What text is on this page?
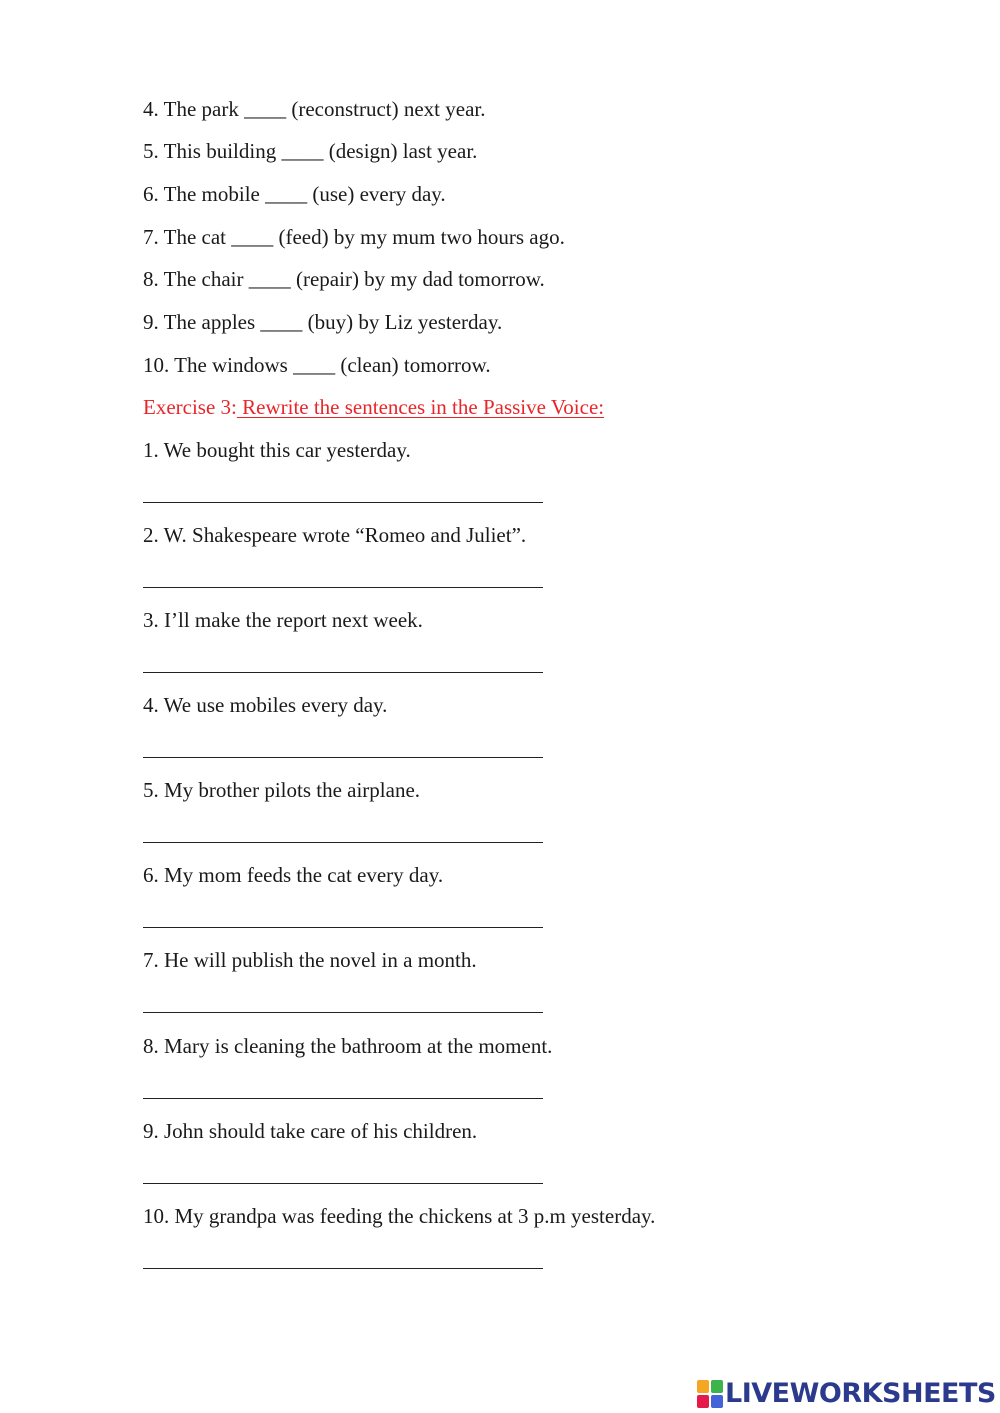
4. The park ____ (reconstruct) next year.
5. This building ____ (design) last year.
6. The mobile ____ (use) every day.
7. The cat ____ (feed) by my mum two hours ago.
8. The chair ____ (repair) by my dad tomorrow.
9. The apples ____ (buy) by Liz yesterday.
10. The windows ____ (clean) tomorrow.
Exercise 3: Rewrite the sentences in the Passive Voice:
1. We bought this car yesterday.
2. W. Shakespeare wrote “Romeo and Juliet”.
3. I’ll make the report next week.
4. We use mobiles every day.
5. My brother pilots the airplane.
6. My mom feeds the cat every day.
7. He will publish the novel in a month.
8. Mary is cleaning the bathroom at the moment.
9. John should take care of his children.
10. My grandpa was feeding the chickens at 3 p.m yesterday.
LIVEWORKSHEETS
